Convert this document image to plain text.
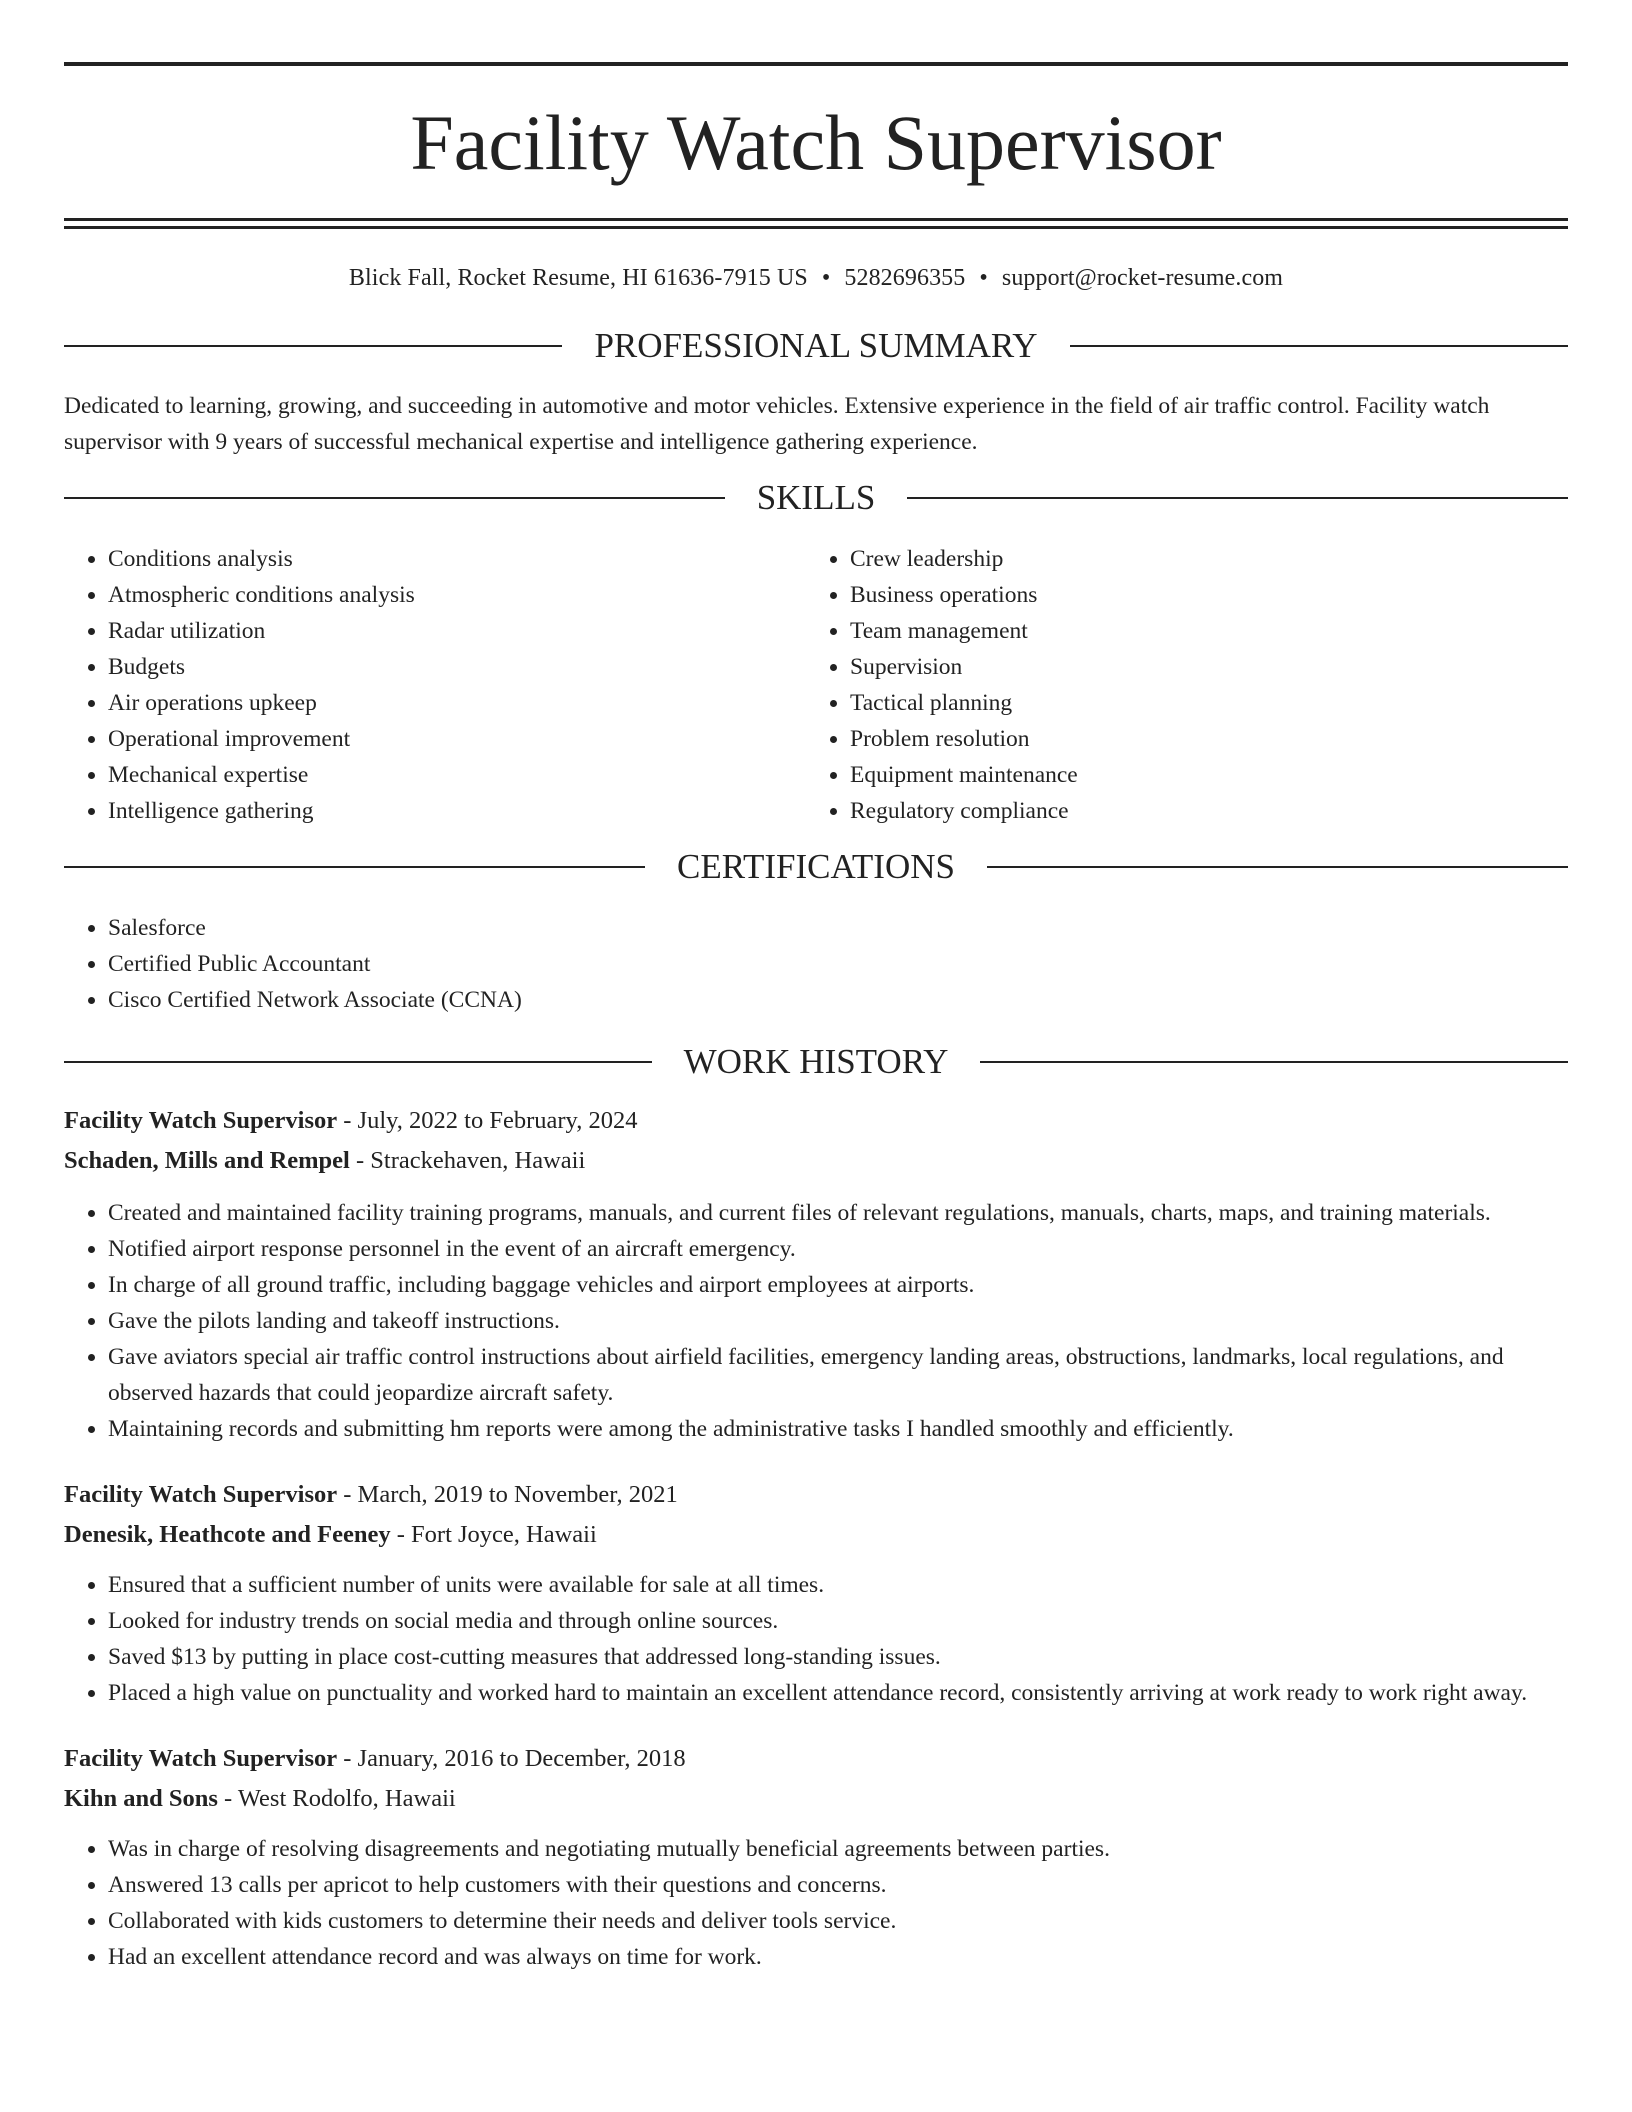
Facility Watch Supervisor
Blick Fall, Rocket Resume, HI 61636-7915 US • 5282696355 • support@rocket-resume.com
PROFESSIONAL SUMMARY

Dedicated to learning, growing, and succeeding in automotive and motor vehicles. Extensive experience in the field of air traffic control. Facility watch supervisor with 9 years of successful mechanical expertise and intelligence gathering experience.

SKILLS
• Conditions analysis
• Atmospheric conditions analysis
• Radar utilization
• Budgets
• Air operations upkeep
• Operational improvement
• Mechanical expertise
• Intelligence gathering
• Crew leadership
• Business operations
• Team management
• Supervision
• Tactical planning
• Problem resolution
• Equipment maintenance
• Regulatory compliance
CERTIFICATIONS
• Salesforce
• Certified Public Accountant
• Cisco Certified Network Associate (CCNA)
WORK HISTORY

Facility Watch Supervisor - July, 2022 to February, 2024

Schaden, Mills and Rempel - Strackehaven, Hawaii

• Created and maintained facility training programs, manuals, and current files of relevant regulations, manuals, charts, maps, and training materials.
• Notified airport response personnel in the event of an aircraft emergency.
• In charge of all ground traffic, including baggage vehicles and airport employees at airports.
• Gave the pilots landing and takeoff instructions.
• Gave aviators special air traffic control instructions about airfield facilities, emergency landing areas, obstructions, landmarks, local regulations, and observed hazards that could jeopardize aircraft safety.
• Maintaining records and submitting hm reports were among the administrative tasks I handled smoothly and efficiently.

Facility Watch Supervisor - March, 2019 to November, 2021

Denesik, Heathcote and Feeney - Fort Joyce, Hawaii

• Ensured that a sufficient number of units were available for sale at all times.
• Looked for industry trends on social media and through online sources.
• Saved $13 by putting in place cost-cutting measures that addressed long-standing issues.
• Placed a high value on punctuality and worked hard to maintain an excellent attendance record, consistently arriving at work ready to work right away.

Facility Watch Supervisor - January, 2016 to December, 2018

Kihn and Sons - West Rodolfo, Hawaii

• Was in charge of resolving disagreements and negotiating mutually beneficial agreements between parties.
• Answered 13 calls per apricot to help customers with their questions and concerns.
• Collaborated with kids customers to determine their needs and deliver tools service.
• Had an excellent attendance record and was always on time for work.
